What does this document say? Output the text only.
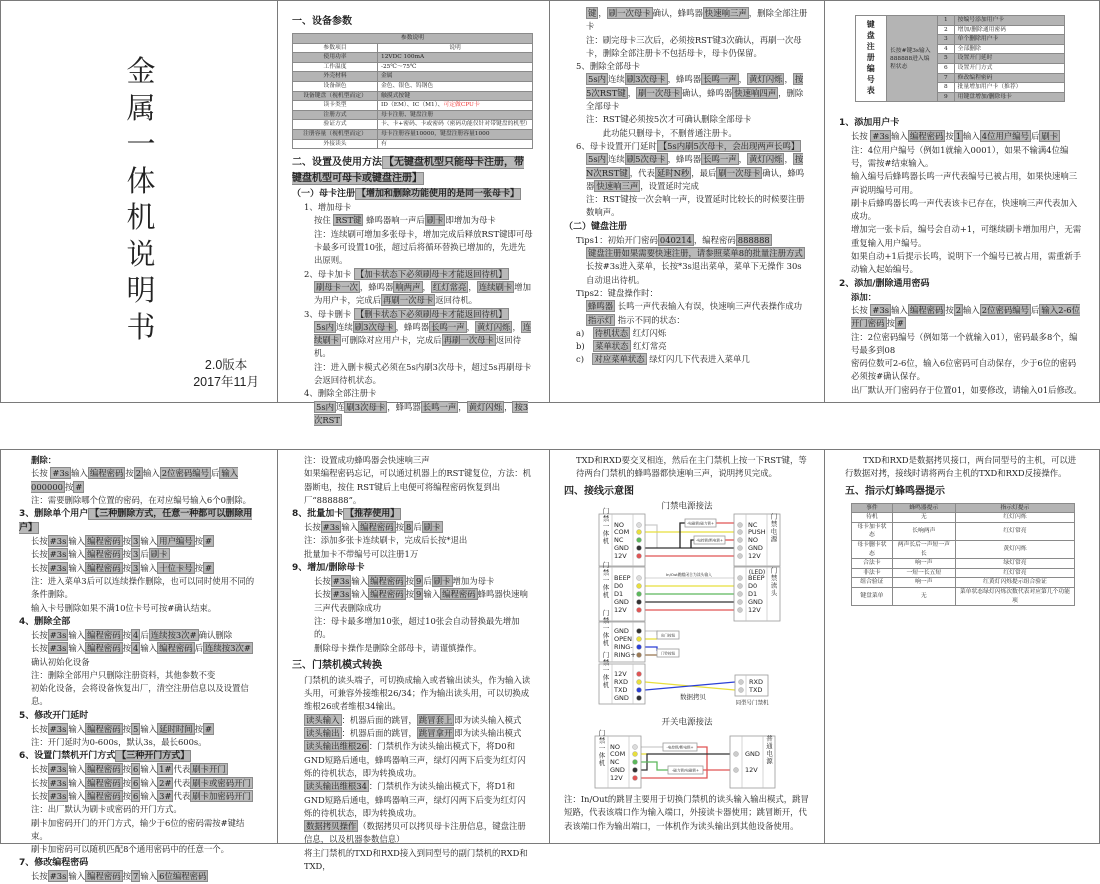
金
属
一
体
机
说
明
书
2.0版本
2017年11月
一、设备参数
参数说明	
参数项目	说明
使用功率	12VDC 100mA
工作温度	-25℃～75℃
外壳材料	金属
设备颜色	金色、银色、钨钢色
设备键盘（视机型而定）	触摸式按键
读卡类型	ID（EM）、IC（M1）、可定做CPU卡
注册方式	母卡注册、键盘注册
验证方式	卡、卡+密码、卡或密码（密码功能仅针对带键盘的机型）
注册容量（视机型而定）	母卡注册容量10000，键盘注册容量1000
外接读头	有
二、设置及使用方法 【无键盘机型只能母卡注册，带键盘机型可母卡或键盘注册】
（一）母卡注册 【增加和删除功能使用的是同一张母卡】
1、增加母卡
按住 RST键 蜂鸣器响一声后 刷卡 即增加为母卡
注：连续刷可增加多张母卡，增加完成后释放RST键即可母卡最多可设置10张，超过后将循环替换已增加的，先进先出原则。
2、母卡加卡 【加卡状态下必须刷母卡才能返回待机】
刷母卡一次 ，蜂鸣器 响两声 ， 红灯常亮 ， 连续刷卡 增加为用户卡，完成后 再刷一次母卡 返回待机。
3、母卡删卡 【删卡状态下必须刷母卡才能返回待机】
5s内 连续 刷3次母卡 ，蜂鸣器 长鸣一声 ， 黄灯闪烁 ， 连续刷卡 可删除对应用户卡，完成后 再刷一次母卡 返回待机。
注：进入删卡模式必须在5s内刷3次母卡，超过5s再刷母卡会返回待机状态。
4、删除全部注册卡
5s内 连 刷3次母卡 ，蜂鸣器 长鸣一声 ， 黄灯闪烁 ， 按3次RST
键 ， 刷一次母卡 确认，蜂鸣器 快速响三声 ，删除全部注册卡
注：刷完母卡三次后，必须按RST键3次确认，再刷一次母卡，删除全部注册卡不包括母卡，母卡仍保留。
5、删除全部母卡
5s内 连续 刷3次母卡 ，蜂鸣器 长鸣一声 ， 黄灯闪烁 ， 按5次RST键 ， 刷一次母卡 确认，蜂鸣器 快速响四声 ，删除全部母卡
注：RST键必须按5次才可确认删除全部母卡
　　此功能只删母卡，不删普通注册卡。
6、母卡设置开门延时 【5s内刷5次母卡，会出现两声长鸣】
5s内 连续 刷5次母卡 ，蜂鸣器 长鸣一声 ， 黄灯闪烁 ， 按N次RST键 ，代表 延时N秒 ，最后 刷一次母卡 确认，蜂鸣器 快速响三声 ，设置延时完成
注：RST键按一次会响一声，设置延时比较长的时候要注册数响声。
（二）键盘注册
Tips1：初始开门密码 040214 ，编程密码 888888
键盘注册如果需要快速注册，请参照菜单8的批量注册方式
长按#3s进入菜单，长按*3s退出菜单，菜单下无操作 30s自动退出待机。
Tips2：键盘操作时：
蜂鸣器 长鸣一声代表输入有误，快速响三声代表操作成功
指示灯 指示不同的状态：
a)　待机状态 红灯闪烁
b)　菜单状态 红灯常亮
c)　对应菜单状态 绿灯闪几下代表进入菜单几
键盘注册编号表	长按#键3s输入888888进入编程状态	1	按编号添加用户卡
		2	增加/删除通用密码
		3	单个删除用户卡
		4	全部删除
		5	设置开门延时
		6	设置开门方式
		7	修改编程密码
		8	批量增加用户卡（推荐）
		9	用键盘增加/删除母卡
1、添加用户卡
长按 #3s 输入 编程密码 按 1 输入 4位用户编号 后 刷卡
注：4位用户编号（例如1就输入0001），如果不输满4位编号，需按#结束输入。
输入编号后蜂鸣器长鸣一声代表编号已被占用，如果快速响三声说明编号可用。
刷卡后蜂鸣器长鸣一声代表该卡已存在，快速响三声代表加入成功。
增加完一张卡后，编号会自动+1，可继续刷卡增加用户，无需重复输入用户编号。
如果自动+1后提示长鸣，说明下一个编号已被占用，需重新手动输入起始编号。
2、添加/删除通用密码
添加：
长按 #3s 输入 编程密码 按 2 输入 2位密码编号 后 输入2-6位开门密码 按 #
注：2位密码编号（例如第一个就输入01），密码最多8个，编号最多到08
密码位数可2-6位，输入6位密码可自动保存，少于6位的密码必须按#确认保存。
出厂默认开门密码存于位置01，如要修改，请输入01后修改。
删除：
长按 #3s 输入 编程密码 按 2 输入 2位密码编号 后 输入000000 按 #
注：需要删除哪个位置的密码，在对应编号输入6个0删除。
3、删除单个用户 【三种删除方式，任意一种都可以删除用户】
长按 #3s 输入 编程密码 按 3 输入 用户编号 按 #
长按 #3s 输入 编程密码 按 3 后 刷卡
长按 #3s 输入 编程密码 按 3 输入 十位卡号 按 #
注：进入菜单3后可以连续操作删除，也可以同时使用不同的条件删除。
输入卡号删除如果不满10位卡号可按#确认结束。
4、删除全部
长按 #3s 输入 编程密码 按 4 后 连续按3次# 确认删除
长按 #3s 输入 编程密码 按 4 输入 编程密码 后 连续按3次#确认初始化设备
注：删除全部用户只删除注册资料，其他参数不变
初始化设备，会将设备恢复出厂，清空注册信息以及设置信息。
5、修改开门延时
长按 #3s 输入 编程密码 按 5 输入 延时时间 按 #
注：开门延时为0-600s，默认3s，最长600s。
6、设置门禁机开门方式 【三种开门方式】
长按 #3s 输入 编程密码 按 6 输入 1# 代表 刷卡开门
长按 #3s 输入 编程密码 按 6 输入 2# 代表 刷卡或密码开门
长按 #3s 输入 编程密码 按 6 输入 3# 代表 刷卡加密码开门
注：出厂默认为刷卡或密码的开门方式。
刷卡加密码开门的开门方式，输少于6位的密码需按#键结束。
刷卡加密码可以随机匹配8个通用密码中的任意一个。
7、修改编程密码
长按 #3s 输入 编程密码 按 7 输入 6位编程密码
注：设置成功蜂鸣器会快速响三声
如果编程密码忘记，可以通过机器上的RST键复位，方法：机器断电，按住 RST键后上电便可将编程密码恢复到出厂“888888”。
8、批量加卡 【推荐使用】
长按 #3s 输入 编程密码 按 8 后 刷卡
注：添加多张卡连续刷卡，完成后长按*退出
批量加卡不带编号可以注册1万
9、增加/删除母卡
长按 #3s 输入 编程密码 按 9 后 刷卡 增加为母卡
长按 #3s 输入 编程密码 按 9 输入 编程密码 蜂鸣器快速响三声代表删除成功
注：母卡最多增加10张，超过10张会自动替换最先增加的。
删除母卡操作是删除全部母卡，请谨慎操作。
三、门禁机模式转换
门禁机的读头端子，可切换成输入或者输出读头，作为输入读头用，可兼容外接维根26/34；作为输出读头用，可以切换成维根26或者维根34输出。
读头输入 ：机器后面的跳冒， 跳冒套上 即为读头输入模式
读头输出 ：机器后面的跳冒， 跳冒拿开 即为读头输出模式
读头输出维根26 ：门禁机作为读头输出模式下，将D0和GND短路后通电，蜂鸣器响三声，绿灯闪两下后变为红灯闪烁的待机状态，即为转换成功。
读头输出维根34 ：门禁机作为读头输出模式下，将D1和GND短路后通电，蜂鸣器响三声，绿灯闪两下后变为红灯闪烁的待机状态，即为转换成功。
数据拷贝操作 （数据拷贝可以拷贝母卡注册信息，键盘注册信息，以及机器参数信息）
将主门禁机的TXD和RXD接入到同型号的副门禁机的RXD和TXD，
TXD和RXD要交叉相连，然后在主门禁机上按一下RST键，等待两台门禁机的蜂鸣器都快速响三声，说明拷贝完成。
四、接线示意图
门禁电源接法
-电磁锁/磁力锁+
-电控锁/断电锁+
门禁一体机 NO
COM
NC
GND
12V
门禁电源
NC
PUSH
NO
GND
12V
In/Out跳帽闭合为读头输入
门禁一体机 BEEP
D0
D1
GND
12V
门禁读头
BEEP
D0
D1
GND
12V
(LED)
出门按钮
门铃按钮
门禁一体机 GND
OPEN
RING-
RING+
门禁一体机 12V
RXD
TXD
GND
RXD
TXD
数据拷贝
同型号门禁机
开关电源接法
-电控锁/断电锁+
-磁力锁/电磁锁+
门禁一体机 NO
COM
NC
GND
12V
普通电源
GND
12V
注：In/Out的跳冒主要用于切换门禁机的读头输入输出模式，跳冒短路，代表该端口作为输入端口，外接读卡器使用；跳冒断开，代表该端口作为输出端口，一体机作为读头输出到其他设备使用。
TXD和RXD是数据拷贝接口，两台同型号的主机，可以进行数据对拷，接线时请将两台主机的TXD和RXD反接操作。
五、指示灯蜂鸣器提示
事件	蜂鸣器提示	指示灯提示
待机	无	红灯闪烁
母卡加卡状态	长响两声	红灯常亮
母卡删卡状态	两声长后一声短一声长	黄灯闪烁
合法卡	响一声	绿灯常亮
非法卡	一短一长五短	红灯常亮
组合验证	响一声	红黄灯闪烁提示组合验证
键盘菜单	无	菜单状态绿灯闪烁次数代表对应第几个功能项
